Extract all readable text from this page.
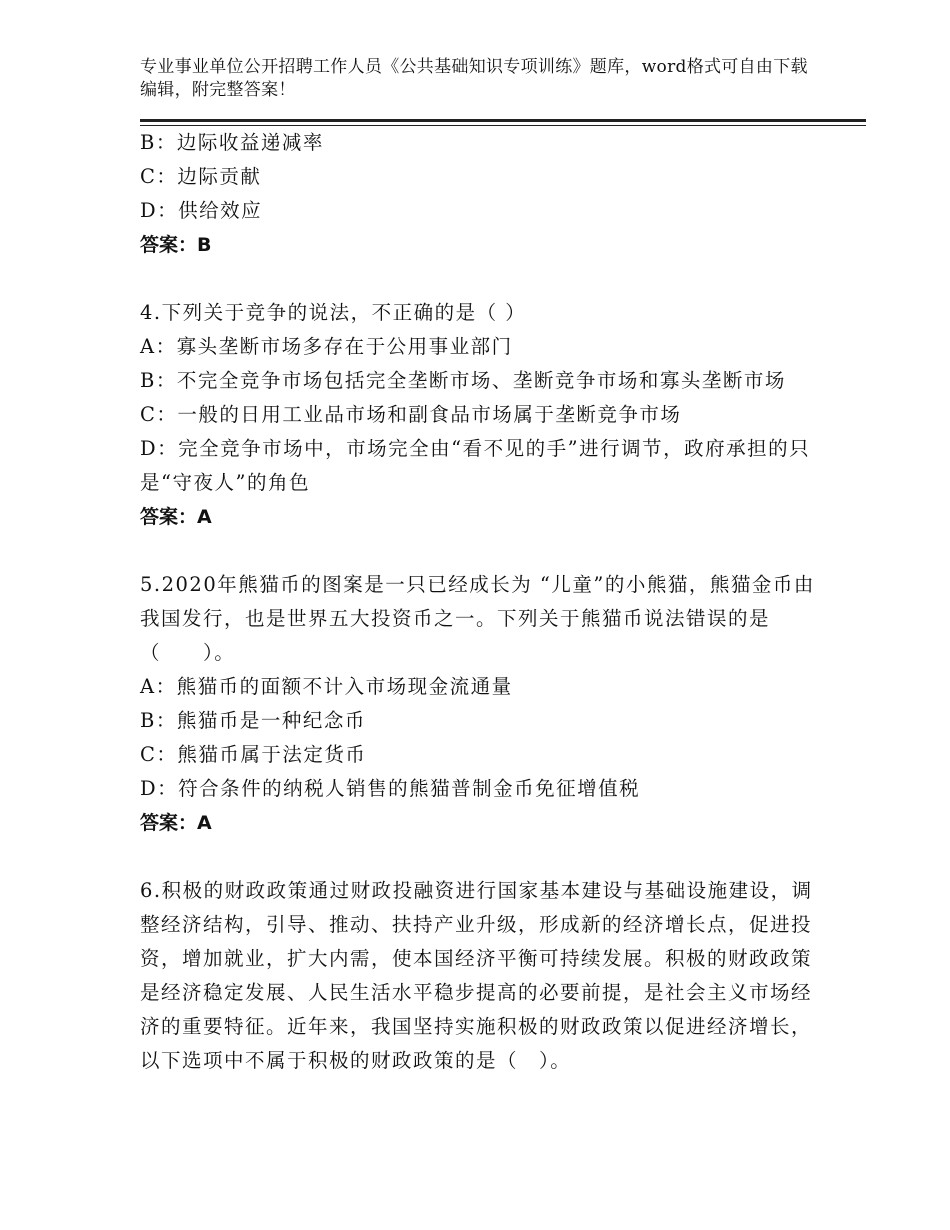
专业事业单位公开招聘工作人员《公共基础知识专项训练》题库，word格式可自由下载编辑，附完整答案！
B：边际收益递减率
C：边际贡献
D：供给效应
答案：B
4.下列关于竞争的说法，不正确的是（ ）
A：寡头垄断市场多存在于公用事业部门
B：不完全竞争市场包括完全垄断市场、垄断竞争市场和寡头垄断市场
C：一般的日用工业品市场和副食品市场属于垄断竞争市场
D：完全竞争市场中，市场完全由“看不见的手”进行调节，政府承担的只是“守夜人”的角色
答案：A
5.2020年熊猫币的图案是一只已经成长为 “儿童”的小熊猫，熊猫金币由我国发行，也是世界五大投资币之一。下列关于熊猫币说法错误的是（　　）。
A：熊猫币的面额不计入市场现金流通量
B：熊猫币是一种纪念币
C：熊猫币属于法定货币
D：符合条件的纳税人销售的熊猫普制金币免征增值税
答案：A
6.积极的财政政策通过财政投融资进行国家基本建设与基础设施建设，调整经济结构，引导、推动、扶持产业升级，形成新的经济增长点，促进投资，增加就业，扩大内需，使本国经济平衡可持续发展。积极的财政政策是经济稳定发展、人民生活水平稳步提高的必要前提，是社会主义市场经济的重要特征。近年来，我国坚持实施积极的财政政策以促进经济增长，以下选项中不属于积极的财政政策的是（　）。
